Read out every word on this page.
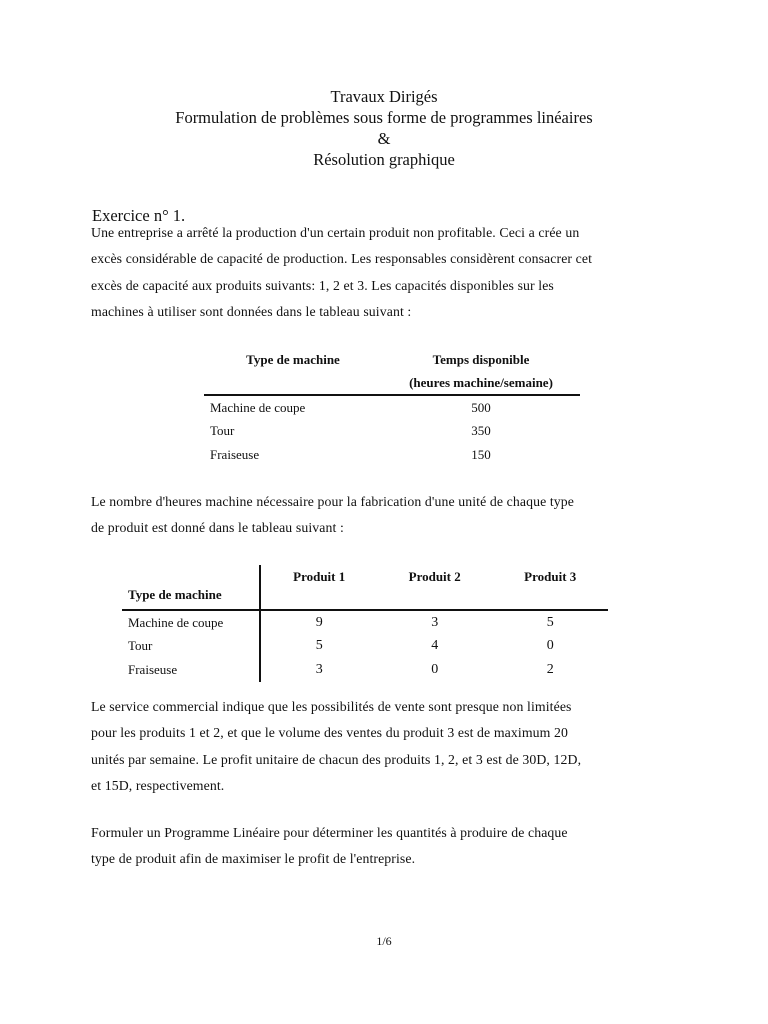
Travaux Dirigés

Formulation de problèmes sous forme de programmes linéaires

&

Résolution graphique

Exercice n° 1.
Une entreprise a arrêté la production d'un certain produit non profitable. Ceci a crée un
excès considérable de capacité de production. Les responsables considèrent consacrer cet
excès de capacité aux produits suivants: 1, 2 et 3. Les capacités disponibles sur les
machines à utiliser sont données dans le tableau suivant :
Type de machine	Temps disponible
	(heures machine/semaine)
Machine de coupe	500
Tour	350
Fraiseuse	150
Le nombre d'heures machine nécessaire pour la fabrication d'une unité de chaque type
de produit est donné dans le tableau suivant :
Type de machine	Produit 1	Produit 2	Produit 3
Machine de coupe	9	3	5
Tour	5	4	0
Fraiseuse	3	0	2
Le service commercial indique que les possibilités de vente sont presque non limitées
pour les produits 1 et 2, et que le volume des ventes du produit 3 est de maximum 20
unités par semaine. Le profit unitaire de chacun des produits 1, 2, et 3 est de 30D, 12D,
et 15D, respectivement.
Formuler un Programme Linéaire pour déterminer les quantités à produire de chaque
type de produit afin de maximiser le profit de l'entreprise.
1/6
